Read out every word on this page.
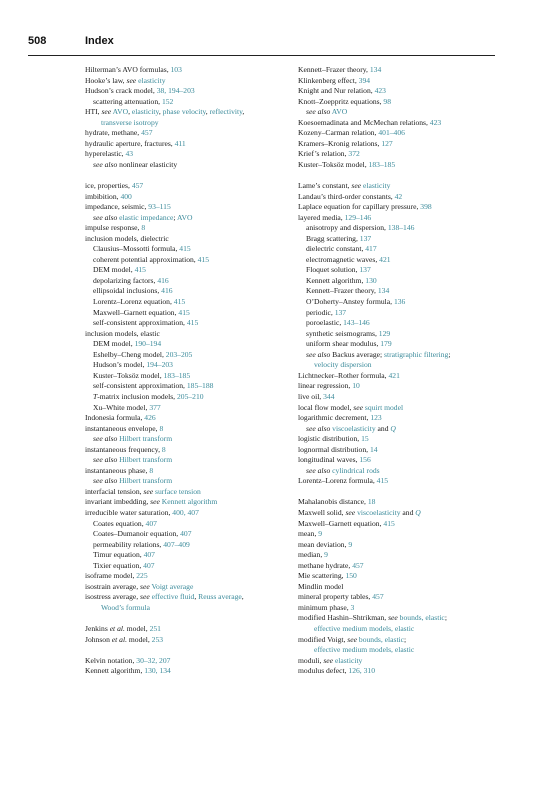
508	Index
Hilterman’s AVO formulas, 103
Hooke’s law, see elasticity
Hudson’s crack model, 38, 194–203
scattering attenuation, 152
HTI, see AVO, elasticity, phase velocity, reflectivity,
transverse isotropy
hydrate, methane, 457
hydraulic aperture, fractures, 411
hyperelastic, 43
see also nonlinear elasticity
ice, properties, 457
imbibition, 400
impedance, seismic, 93–115
see also elastic impedance; AVO
impulse response, 8
inclusion models, dielectric
Clausius–Mossotti formula, 415
coherent potential approximation, 415
DEM model, 415
depolarizing factors, 416
ellipsoidal inclusions, 416
Lorentz–Lorenz equation, 415
Maxwell–Garnett equation, 415
self-consistent approximation, 415
inclusion models, elastic
DEM model, 190–194
Eshelby–Cheng model, 203–205
Hudson’s model, 194–203
Kuster–Toksöz model, 183–185
self-consistent approximation, 185–188
T-matrix inclusion models, 205–210
Xu–White model, 377
Indonesia formula, 426
instantaneous envelope, 8
see also Hilbert transform
instantaneous frequency, 8
see also Hilbert transform
instantaneous phase, 8
see also Hilbert transform
interfacial tension, see surface tension
invariant imbedding, see Kennett algorithm
irreducible water saturation, 400, 407
Coates equation, 407
Coates–Dumanoir equation, 407
permeability relations, 407–409
Timur equation, 407
Tixier equation, 407
isoframe model, 225
isostrain average, see Voigt average
isostress average, see effective fluid, Reuss average,
Wood’s formula
Jenkins et al. model, 251
Johnson et al. model, 253
Kelvin notation, 30–32, 207
Kennett algorithm, 130, 134
Kennett–Frazer theory, 134
Klinkenberg effect, 394
Knight and Nur relation, 423
Knott–Zoeppritz equations, 98
see also AVO
Koesoemadinata and McMechan relations, 423
Kozeny–Carman relation, 401–406
Kramers–Kronig relations, 127
Krief’s relation, 372
Kuster–Toksöz model, 183–185
Lame’s constant, see elasticity
Landau’s third-order constants, 42
Laplace equation for capillary pressure, 398
layered media, 129–146
anisotropy and dispersion, 138–146
Bragg scattering, 137
dielectric constant, 417
electromagnetic waves, 421
Floquet solution, 137
Kennett algorithm, 130
Kennett–Frazer theory, 134
O’Doherty–Anstey formula, 136
periodic, 137
poroelastic, 143–146
synthetic seismograms, 129
uniform shear modulus, 179
see also Backus average; stratigraphic filtering;
velocity dispersion
Lichtnecker–Rother formula, 421
linear regression, 10
live oil, 344
local flow model, see squirt model
logarithmic decrement, 123
see also viscoelasticity and Q
logistic distribution, 15
lognormal distribution, 14
longitudinal waves, 156
see also cylindrical rods
Lorentz–Lorenz formula, 415
Mahalanobis distance, 18
Maxwell solid, see viscoelasticity and Q
Maxwell–Garnett equation, 415
mean, 9
mean deviation, 9
median, 9
methane hydrate, 457
Mie scattering, 150
Mindlin model
mineral property tables, 457
minimum phase, 3
modified Hashin–Shtrikman, see bounds, elastic;
effective medium models, elastic
modified Voigt, see bounds, elastic;
effective medium models, elastic
moduli, see elasticity
modulus defect, 126, 310
